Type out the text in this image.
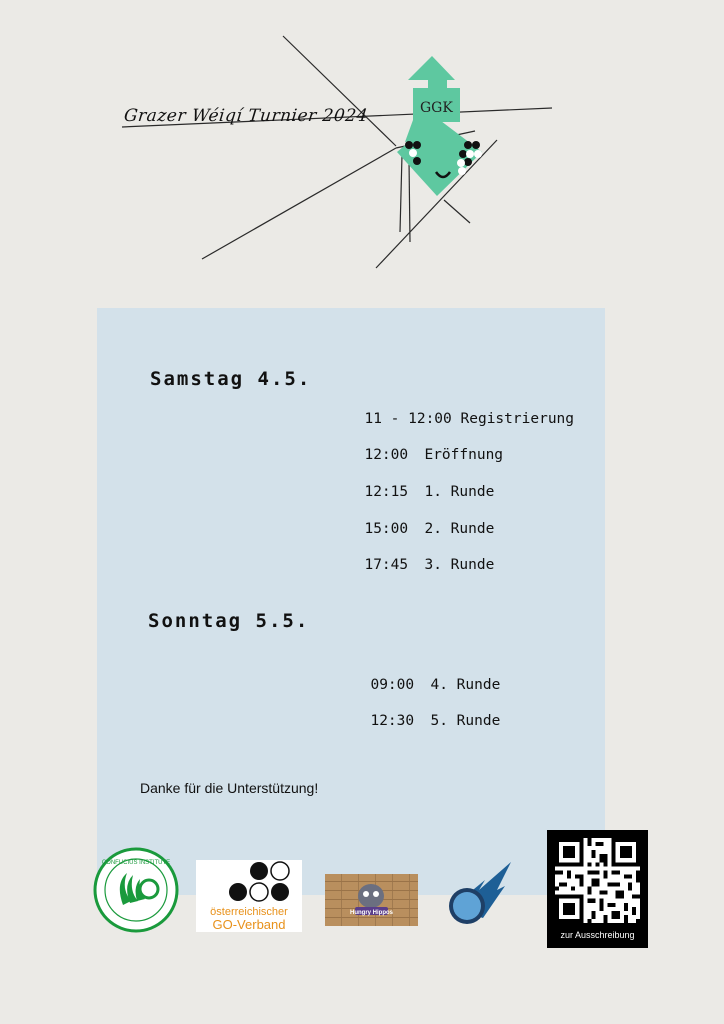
Grazer Wéiqí Turnier 2024	GGK
Samstag 4.5.

11 - 12:00 Registrierung

12:00 Eröffnung

12:15 1. Runde

15:00 2. Runde

17:45 3. Runde

Sonntag 5.5.

09:00 4. Runde

12:30 5. Runde

Danke für die Unterstützung!
CONFUCIUS INSTITUTE
österreichischer
GO-Verband
Hungry Hippos
zur Ausschreibung
